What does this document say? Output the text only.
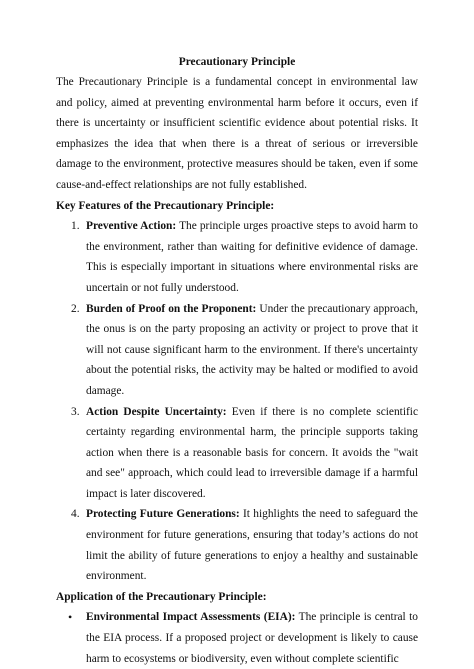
Precautionary Principle

The Precautionary Principle is a fundamental concept in environmental law and policy, aimed at preventing environmental harm before it occurs, even if there is uncertainty or insufficient scientific evidence about potential risks. It emphasizes the idea that when there is a threat of serious or irreversible damage to the environment, protective measures should be taken, even if some cause-and-effect relationships are not fully established.

Key Features of the Precautionary Principle:

1. Preventive Action: The principle urges proactive steps to avoid harm to the environment, rather than waiting for definitive evidence of damage. This is especially important in situations where environmental risks are uncertain or not fully understood.
2. Burden of Proof on the Proponent: Under the precautionary approach, the onus is on the party proposing an activity or project to prove that it will not cause significant harm to the environment. If there's uncertainty about the potential risks, the activity may be halted or modified to avoid damage.
3. Action Despite Uncertainty: Even if there is no complete scientific certainty regarding environmental harm, the principle supports taking action when there is a reasonable basis for concern. It avoids the "wait and see" approach, which could lead to irreversible damage if a harmful impact is later discovered.
4. Protecting Future Generations: It highlights the need to safeguard the environment for future generations, ensuring that today’s actions do not limit the ability of future generations to enjoy a healthy and sustainable environment.

Application of the Precautionary Principle:

• Environmental Impact Assessments (EIA): The principle is central to the EIA process. If a proposed project or development is likely to cause harm to ecosystems or biodiversity, even without complete scientific
